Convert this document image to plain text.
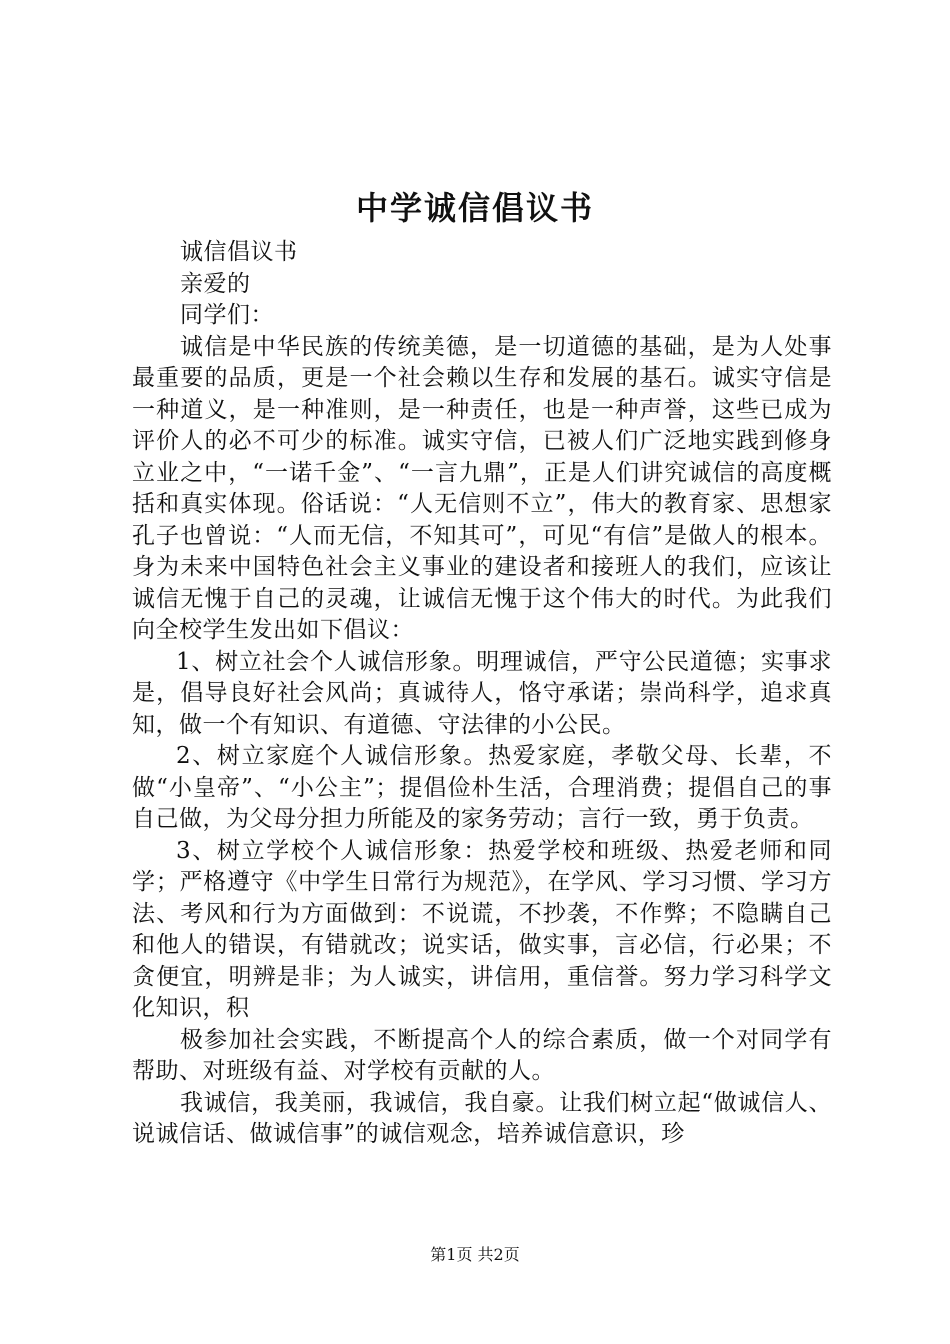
中学诚信倡议书

诚信倡议书

亲爱的

同学们：

诚信是中华民族的传统美德，是一切道德的基础，是为人处事最重要的品质，更是一个社会赖以生存和发展的基石。诚实守信是一种道义，是一种准则，是一种责任，也是一种声誉，这些已成为评价人的必不可少的标准。诚实守信，已被人们广泛地实践到修身立业之中，“一诺千金”、“一言九鼎”，正是人们讲究诚信的高度概括和真实体现。俗话说：“人无信则不立”，伟大的教育家、思想家孔子也曾说：“人而无信，不知其可”，可见“有信”是做人的根本。身为未来中国特色社会主义事业的建设者和接班人的我们，应该让诚信无愧于自己的灵魂，让诚信无愧于这个伟大的时代。为此我们向全校学生发出如下倡议：

1、树立社会个人诚信形象。明理诚信，严守公民道德；实事求是，倡导良好社会风尚；真诚待人，恪守承诺；崇尚科学，追求真知，做一个有知识、有道德、守法律的小公民。

2、树立家庭个人诚信形象。热爱家庭，孝敬父母、长辈，不做“小皇帝”、“小公主”；提倡俭朴生活，合理消费；提倡自己的事自己做，为父母分担力所能及的家务劳动；言行一致，勇于负责。

3、树立学校个人诚信形象：热爱学校和班级、热爱老师和同学；严格遵守《中学生日常行为规范》，在学风、学习习惯、学习方法、考风和行为方面做到：不说谎，不抄袭，不作弊；不隐瞒自己和他人的错误，有错就改；说实话，做实事，言必信，行必果；不贪便宜，明辨是非；为人诚实，讲信用，重信誉。努力学习科学文化知识，积

极参加社会实践，不断提高个人的综合素质，做一个对同学有帮助、对班级有益、对学校有贡献的人。

我诚信，我美丽，我诚信，我自豪。让我们树立起“做诚信人、说诚信话、做诚信事”的诚信观念，培养诚信意识，珍

第1页 共2页
